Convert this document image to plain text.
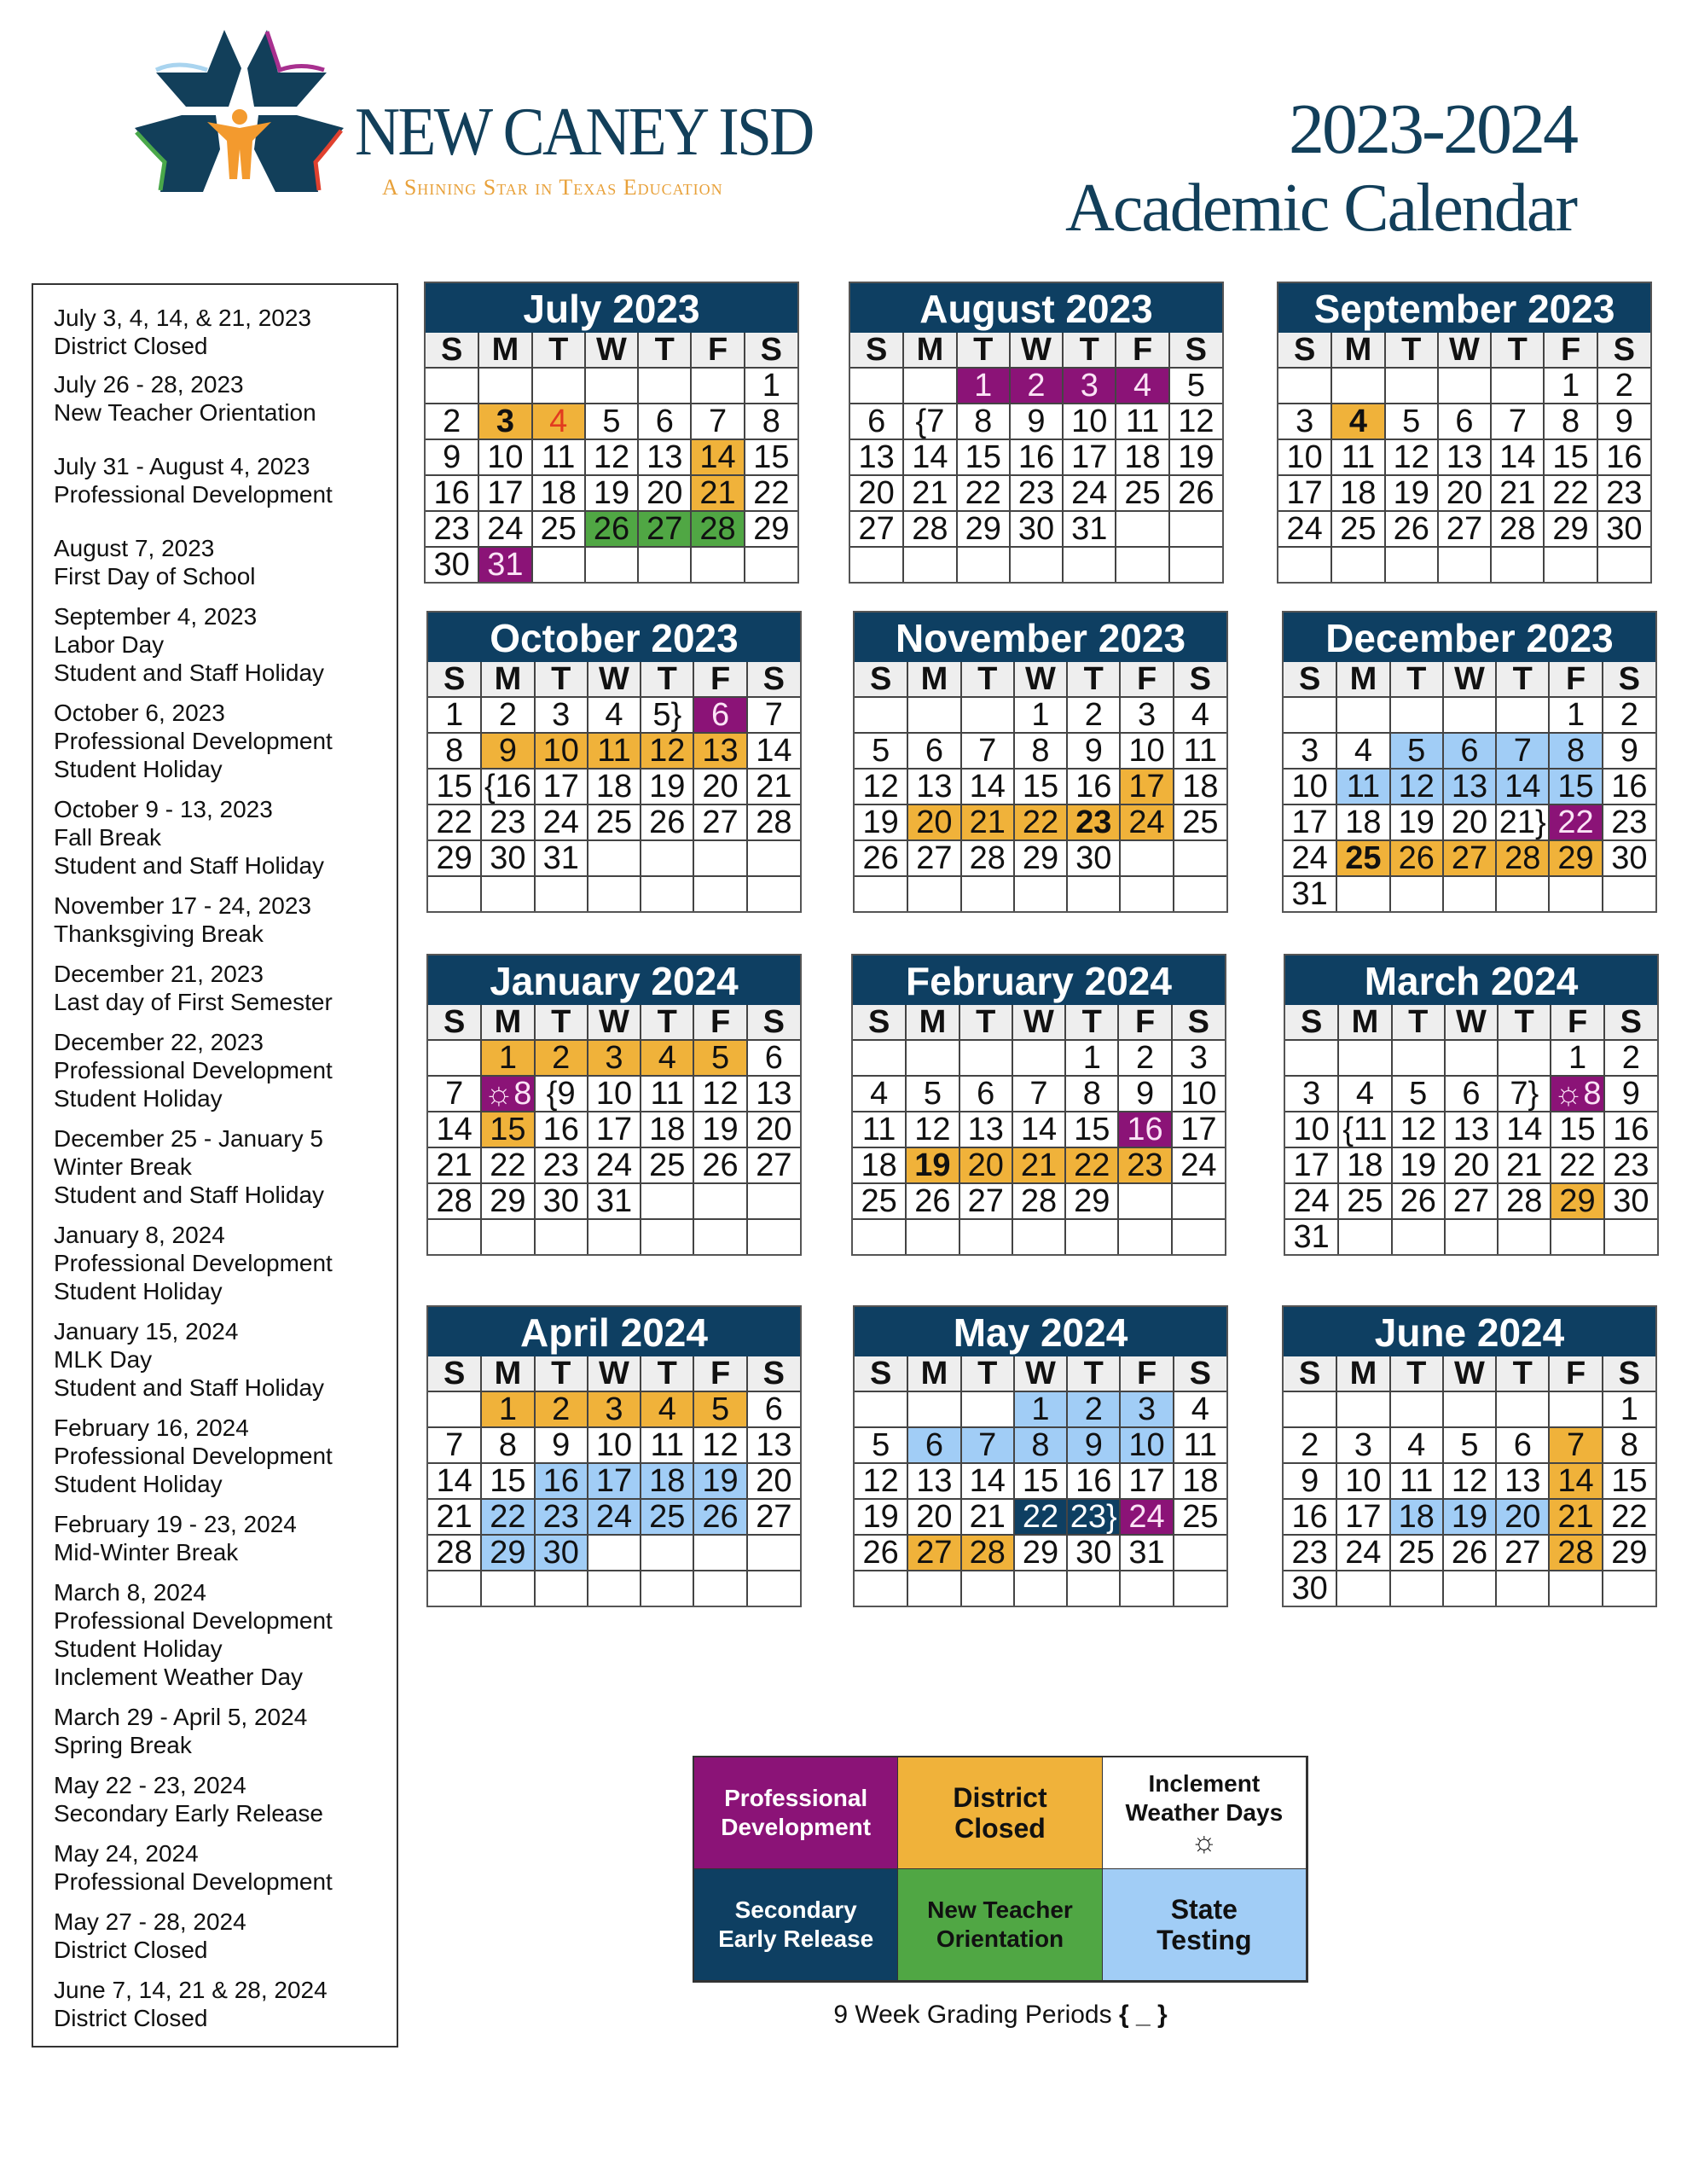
NEW CANEY ISD
A Shining Star in Texas Education
2023-2024
Academic Calendar
July 3, 4, 14, & 21, 2023
District Closed
July 26 - 28, 2023
New Teacher Orientation
July 31 - August 4, 2023
Professional Development
August 7, 2023
First Day of School
September 4, 2023
Labor Day
Student and Staff Holiday
October 6, 2023
Professional Development
Student Holiday
October 9 - 13, 2023
Fall Break
Student and Staff Holiday
November 17 - 24, 2023
Thanksgiving Break
December 21, 2023
Last day of First Semester
December 22, 2023
Professional Development
Student Holiday
December 25 - January 5
Winter Break
Student and Staff Holiday
January 8, 2024
Professional Development
Student Holiday
January 15, 2024
MLK Day
Student and Staff Holiday
February 16, 2024
Professional Development
Student Holiday
February 19 - 23, 2024
Mid-Winter Break
March 8, 2024
Professional Development
Student Holiday
Inclement Weather Day
March 29 - April 5, 2024
Spring Break
May 22 - 23, 2024
Secondary Early Release
May 24, 2024
Professional Development
May 27 - 28, 2024
District Closed
June 7, 14, 21 & 28, 2024
District Closed
July 2023
S	M	T	W	T	F	S
						1
2	3	4	5	6	7	8
9	10	11	12	13	14	15
16	17	18	19	20	21	22
23	24	25	26	27	28	29
30	31					
August 2023
S	M	T	W	T	F	S
		1	2	3	4	5
6	{7	8	9	10	11	12
13	14	15	16	17	18	19
20	21	22	23	24	25	26
27	28	29	30	31		

September 2023
S	M	T	W	T	F	S
					1	2
3	4	5	6	7	8	9
10	11	12	13	14	15	16
17	18	19	20	21	22	23
24	25	26	27	28	29	30

October 2023
S	M	T	W	T	F	S
1	2	3	4	5}	6	7
8	9	10	11	12	13	14
15	{16	17	18	19	20	21
22	23	24	25	26	27	28
29	30	31				

November 2023
S	M	T	W	T	F	S
			1	2	3	4
5	6	7	8	9	10	11
12	13	14	15	16	17	18
19	20	21	22	23	24	25
26	27	28	29	30		

December 2023
S	M	T	W	T	F	S
					1	2
3	4	5	6	7	8	9
10	11	12	13	14	15	16
17	18	19	20	21}	22	23
24	25	26	27	28	29	30
31						
January 2024
S	M	T	W	T	F	S
	1	2	3	4	5	6
7	☼8	{9	10	11	12	13
14	15	16	17	18	19	20
21	22	23	24	25	26	27
28	29	30	31			

February 2024
S	M	T	W	T	F	S
				1	2	3
4	5	6	7	8	9	10
11	12	13	14	15	16	17
18	19	20	21	22	23	24
25	26	27	28	29		

March 2024
S	M	T	W	T	F	S
					1	2
3	4	5	6	7}	☼8	9
10	{11	12	13	14	15	16
17	18	19	20	21	22	23
24	25	26	27	28	29	30
31						
April 2024
S	M	T	W	T	F	S
	1	2	3	4	5	6
7	8	9	10	11	12	13
14	15	16	17	18	19	20
21	22	23	24	25	26	27
28	29	30				

May 2024
S	M	T	W	T	F	S
			1	2	3	4
5	6	7	8	9	10	11
12	13	14	15	16	17	18
19	20	21	22	23}	24	25
26	27	28	29	30	31	

June 2024
S	M	T	W	T	F	S
						1
2	3	4	5	6	7	8
9	10	11	12	13	14	15
16	17	18	19	20	21	22
23	24	25	26	27	28	29
30						
Professional
Development
District
Closed
Inclement
Weather Days
☼
Secondary
Early Release
New Teacher
Orientation
State
Testing
9 Week Grading Periods { _ }
